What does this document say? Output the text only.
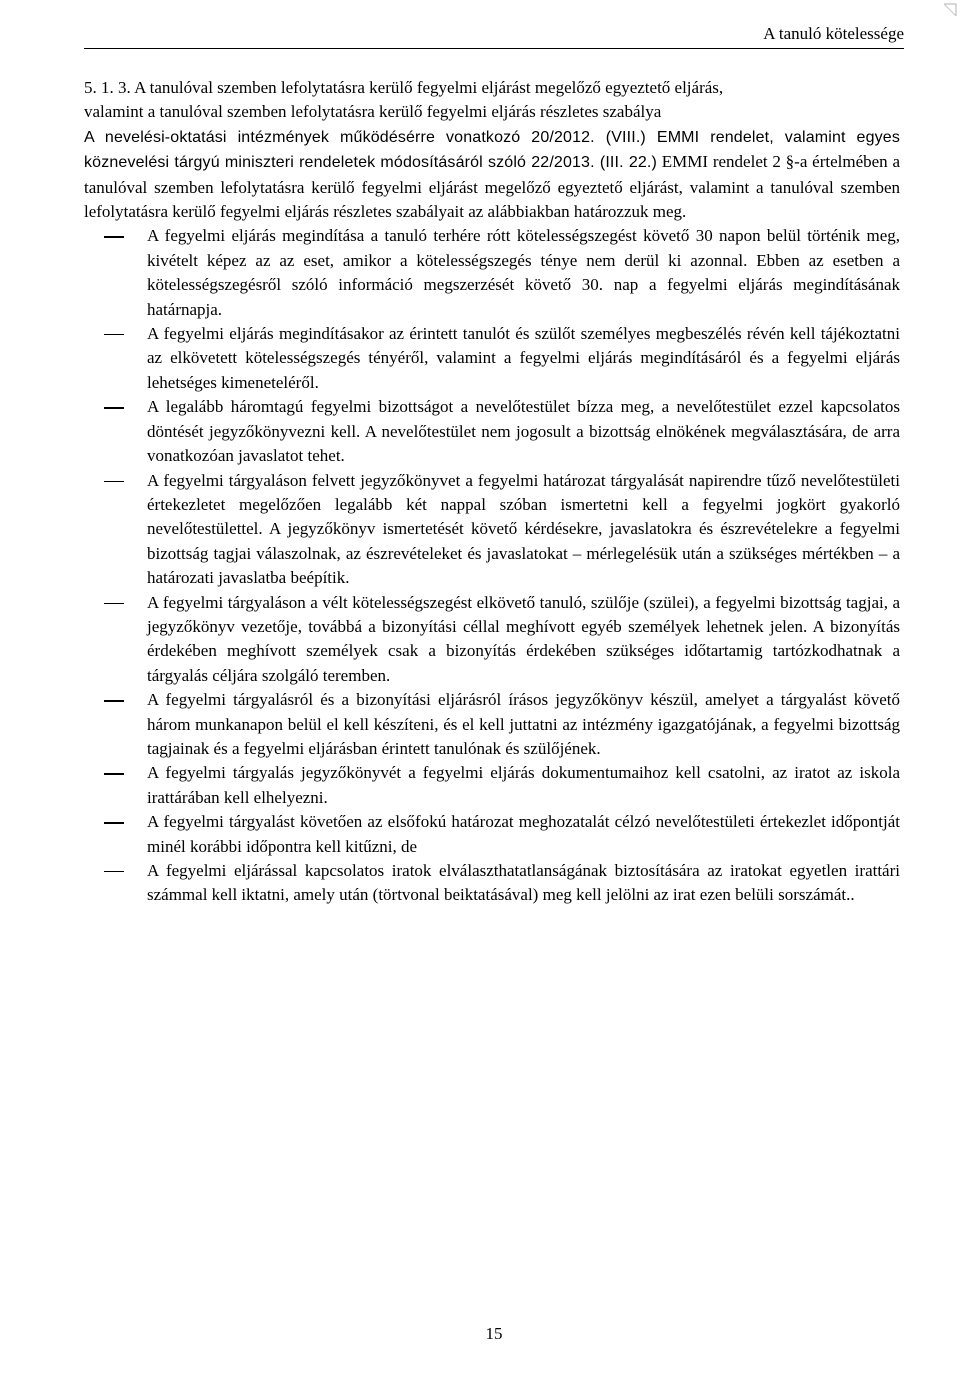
A tanuló kötelessége

5. 1. 3. A tanulóval szemben lefolytatásra kerülő fegyelmi eljárást megelőző egyeztető eljárás,

valamint a tanulóval szemben lefolytatásra kerülő fegyelmi eljárás részletes szabálya

A nevelési-oktatási intézmények működésérre vonatkozó 20/2012. (VIII.) EMMI rendelet, valamint egyes köznevelési tárgyú miniszteri rendeletek módosításáról szóló 22/2013. (III. 22.) EMMI rendelet 2 §-a értelmében a tanulóval szemben lefolytatásra kerülő fegyelmi eljárást megelőző egyeztető eljárást, valamint a tanulóval szemben lefolytatásra kerülő fegyelmi eljárás részletes szabályait az alábbiakban határozzuk meg.

A fegyelmi eljárás megindítása a tanuló terhére rótt kötelességszegést követő 30 napon belül történik meg, kivételt képez az az eset, amikor a kötelességszegés ténye nem derül ki azonnal. Ebben az esetben a kötelességszegésről szóló információ megszerzését követő 30. nap a fegyelmi eljárás megindításának határnapja.
A fegyelmi eljárás megindításakor az érintett tanulót és szülőt személyes megbeszélés révén kell tájékoztatni az elkövetett kötelességszegés tényéről, valamint a fegyelmi eljárás megindításáról és a fegyelmi eljárás lehetséges kimeneteléről.
A legalább háromtagú fegyelmi bizottságot a nevelőtestület bízza meg, a nevelőtestület ezzel kapcsolatos döntését jegyzőkönyvezni kell. A nevelőtestület nem jogosult a bizottság elnökének megválasztására, de arra vonatkozóan javaslatot tehet.
A fegyelmi tárgyaláson felvett jegyzőkönyvet a fegyelmi határozat tárgyalását napirendre tűző nevelőtestületi értekezletet megelőzően legalább két nappal szóban ismertetni kell a fegyelmi jogkört gyakorló nevelőtestülettel. A jegyzőkönyv ismertetését követő kérdésekre, javaslatokra és észrevételekre a fegyelmi bizottság tagjai válaszolnak, az észrevételeket és javaslatokat – mérlegelésük után a szükséges mértékben – a határozati javaslatba beépítik.
A fegyelmi tárgyaláson a vélt kötelességszegést elkövető tanuló, szülője (szülei), a fegyelmi bizottság tagjai, a jegyzőkönyv vezetője, továbbá a bizonyítási céllal meghívott egyéb személyek lehetnek jelen. A bizonyítás érdekében meghívott személyek csak a bizonyítás érdekében szükséges időtartamig tartózkodhatnak a tárgyalás céljára szolgáló teremben.
A fegyelmi tárgyalásról és a bizonyítási eljárásról írásos jegyzőkönyv készül, amelyet a tárgyalást követő három munkanapon belül el kell készíteni, és el kell juttatni az intézmény igazgatójának, a fegyelmi bizottság tagjainak és a fegyelmi eljárásban érintett tanulónak és szülőjének.
A fegyelmi tárgyalás jegyzőkönyvét a fegyelmi eljárás dokumentumaihoz kell csatolni, az iratot az iskola irattárában kell elhelyezni.
A fegyelmi tárgyalást követően az elsőfokú határozat meghozatalát célzó nevelőtestületi értekezlet időpontját minél korábbi időpontra kell kitűzni, de
A fegyelmi eljárással kapcsolatos iratok elválaszthatatlanságának biztosítására az iratokat egyetlen irattári számmal kell iktatni, amely után (törtvonal beiktatásával) meg kell jelölni az irat ezen belüli sorszámát..
15
